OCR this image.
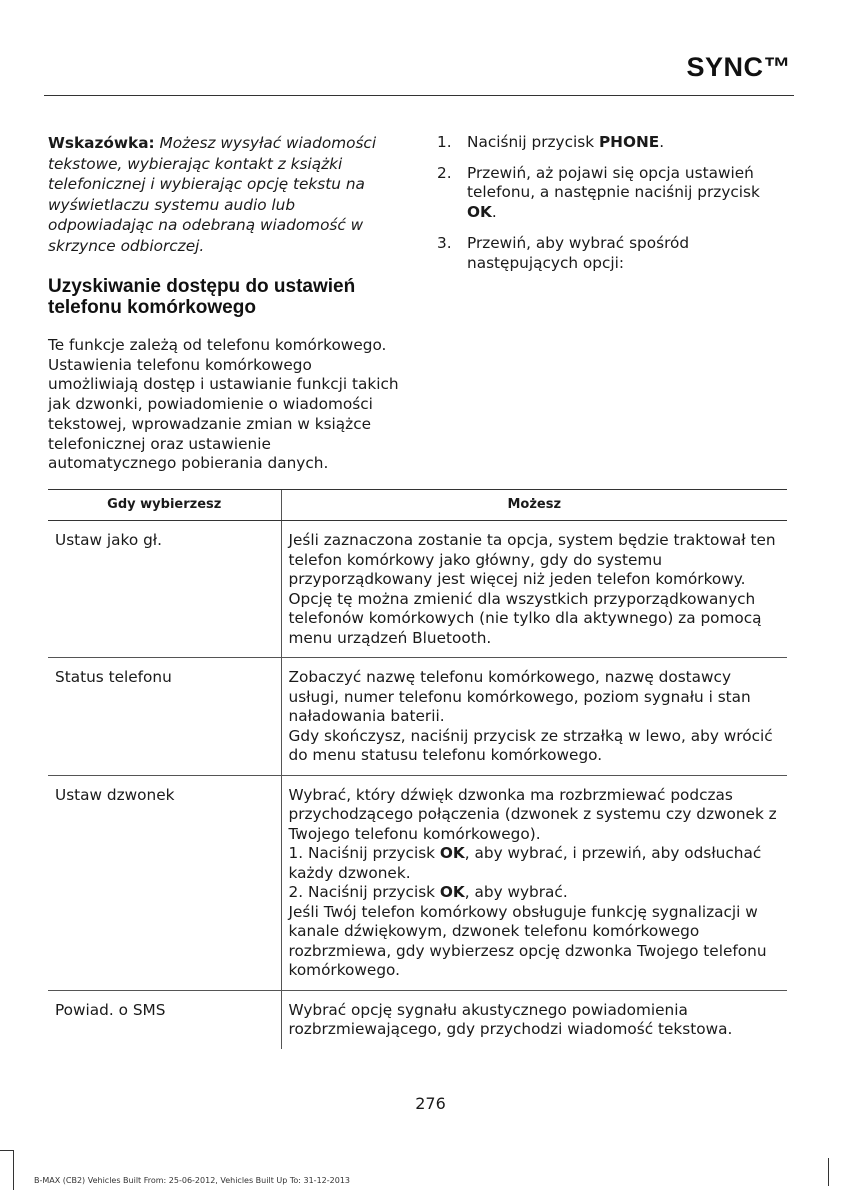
SYNC™

Wskazówka: Możesz wysyłać wiadomości tekstowe, wybierając kontakt z książki telefonicznej i wybierając opcję tekstu na wyświetlaczu systemu audio lub odpowiadając na odebraną wiadomość w skrzynce odbiorczej.

Uzyskiwanie dostępu do ustawień telefonu komórkowego

Te funkcje zależą od telefonu komórkowego. Ustawienia telefonu komórkowego umożliwiają dostęp i ustawianie funkcji takich jak dzwonki, powiadomienie o wiadomości tekstowej, wprowadzanie zmian w książce telefonicznej oraz ustawienie automatycznego pobierania danych.

1.	Naciśnij przycisk PHONE.
2.	Przewiń, aż pojawi się opcja ustawień telefonu, a następnie naciśnij przycisk OK.
3.	Przewiń, aby wybrać spośród następujących opcji:
Gdy wybierzesz	Możesz
Ustaw jako gł.	Jeśli zaznaczona zostanie ta opcja, system będzie traktował ten telefon komórkowy jako główny, gdy do systemu przyporządkowany jest więcej niż jeden telefon komórkowy. Opcję tę można zmienić dla wszystkich przyporządkowanych telefonów komórkowych (nie tylko dla aktywnego) za pomocą menu urządzeń Bluetooth.

Status telefonu	Zobaczyć nazwę telefonu komórkowego, nazwę dostawcy usługi, numer telefonu komórkowego, poziom sygnału i stan naładowania baterii.
Gdy skończysz, naciśnij przycisk ze strzałką w lewo, aby wrócić do menu statusu telefonu komórkowego.

Ustaw dzwonek	Wybrać, który dźwięk dzwonka ma rozbrzmiewać podczas przychodzącego połączenia (dzwonek z systemu czy dzwonek z Twojego telefonu komórkowego).
1. Naciśnij przycisk OK, aby wybrać, i przewiń, aby odsłuchać każdy dzwonek.
2. Naciśnij przycisk OK, aby wybrać.
Jeśli Twój telefon komórkowy obsługuje funkcję sygnalizacji w kanale dźwiękowym, dzwonek telefonu komórkowego rozbrzmiewa, gdy wybierzesz opcję dzwonka Twojego telefonu komórkowego.

Powiad. o SMS	Wybrać opcję sygnału akustycznego powiadomienia rozbrzmiewającego, gdy przychodzi wiadomość tekstowa.
276
B-MAX (CB2) Vehicles Built From: 25-06-2012, Vehicles Built Up To: 31-12-2013
